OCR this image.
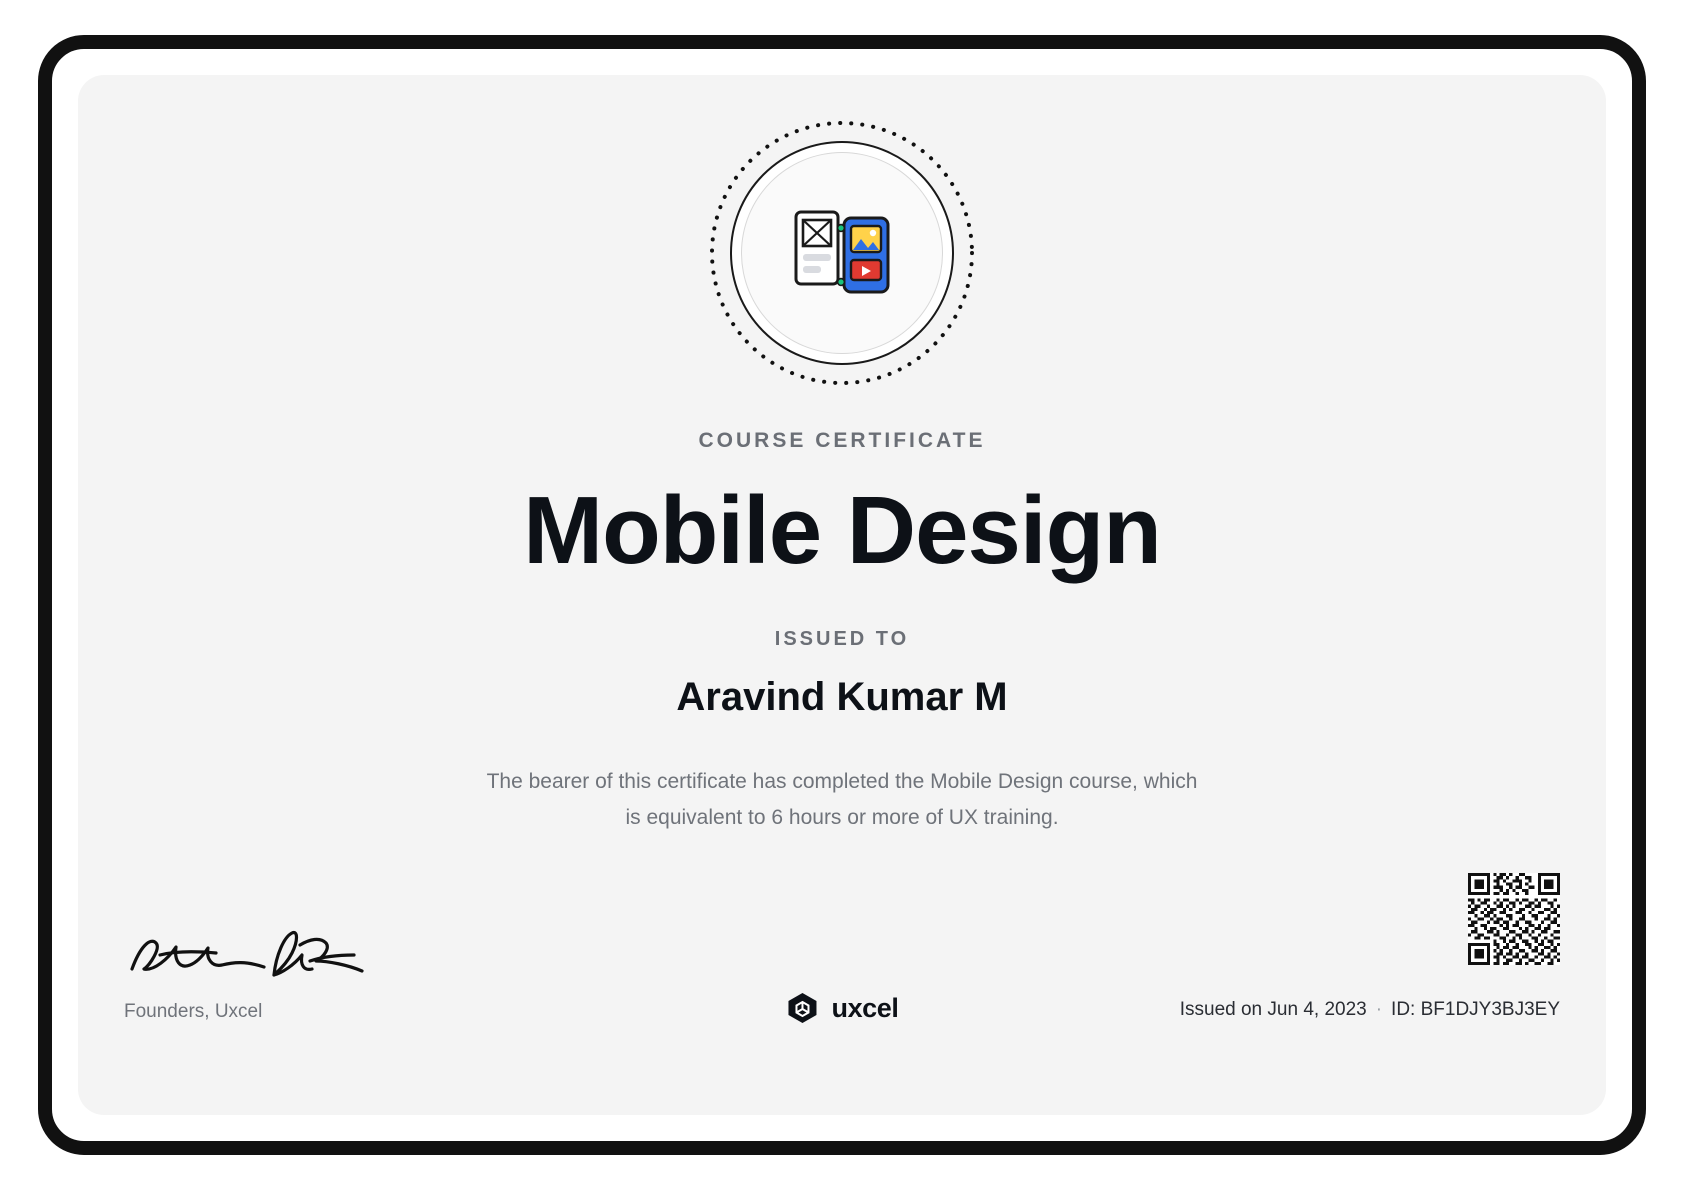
COURSE CERTIFICATE
Mobile Design
ISSUED TO
Aravind Kumar M
The bearer of this certificate has completed the Mobile Design course, which
is equivalent to 6 hours or more of UX training.
Founders, Uxcel	uxcel	Issued on Jun 4, 2023 · ID: BF1DJY3BJ3EY
